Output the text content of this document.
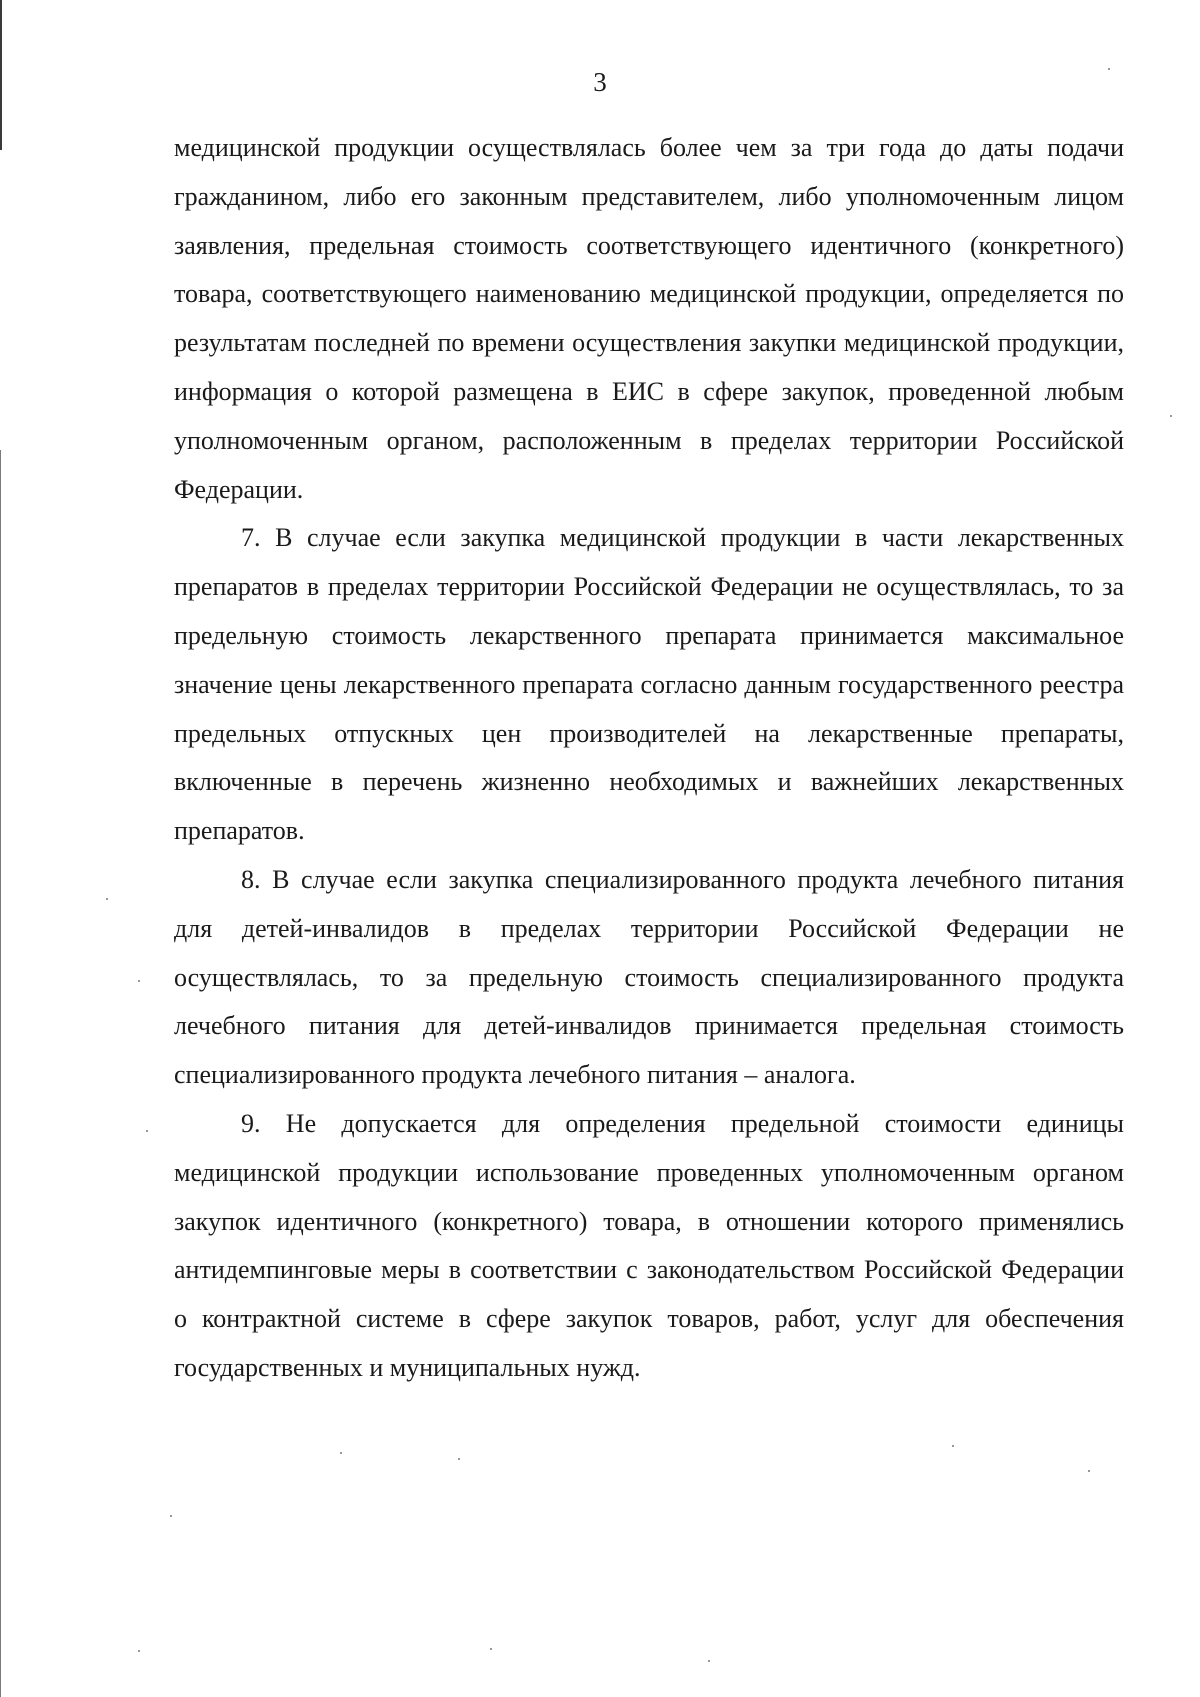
3

медицинской продукции осуществлялась более чем за три года до даты подачи гражданином, либо его законным представителем, либо уполномоченным лицом заявления, предельная стоимость соответствующего идентичного (конкретного) товара, соответствующего наименованию медицинской продукции, определяется по результатам последней по времени осуществления закупки медицинской продукции, информация о которой размещена в ЕИС в сфере закупок, проведенной любым уполномоченным органом, расположенным в пределах территории Российской Федерации.

7. В случае если закупка медицинской продукции в части лекарственных препаратов в пределах территории Российской Федерации не осуществлялась, то за предельную стоимость лекарственного препарата принимается максимальное значение цены лекарственного препарата согласно данным государственного реестра предельных отпускных цен производителей на лекарственные препараты, включенные в перечень жизненно необходимых и важнейших лекарственных препаратов.

8. В случае если закупка специализированного продукта лечебного питания для детей-инвалидов в пределах территории Российской Федерации не осуществлялась, то за предельную стоимость специализированного продукта лечебного питания для детей-инвалидов принимается предельная стоимость специализированного продукта лечебного питания – аналога.

9. Не допускается для определения предельной стоимости единицы медицинской продукции использование проведенных уполномоченным органом закупок идентичного (конкретного) товара, в отношении которого применялись антидемпинговые меры в соответствии с законодательством Российской Федерации о контрактной системе в сфере закупок товаров, работ, услуг для обеспечения государственных и муниципальных нужд.
